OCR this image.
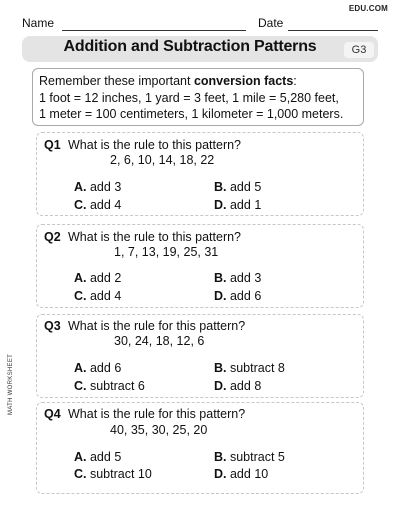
EDU.COM
Name	Date
Addition and Subtraction Patterns	G3
Remember these important conversion facts:
1 foot = 12 inches, 1 yard = 3 feet, 1 mile = 5,280 feet,
1 meter = 100 centimeters, 1 kilometer = 1,000 meters.
Q1 What is the rule to this pattern?
2, 6, 10, 14, 18, 22
A. add 3	B. add 5
C. add 4	D. add 1
Q2 What is the rule to this pattern?
1, 7, 13, 19, 25, 31
A. add 2	B. add 3
C. add 4	D. add 6
Q3 What is the rule for this pattern?
30, 24, 18, 12, 6
A. add 6	B. subtract 8
C. subtract 6	D. add 8
Q4 What is the rule for this pattern?
40, 35, 30, 25, 20
A. add 5	B. subtract 5
C. subtract 10	D. add 10
MATH WORKSHEET
